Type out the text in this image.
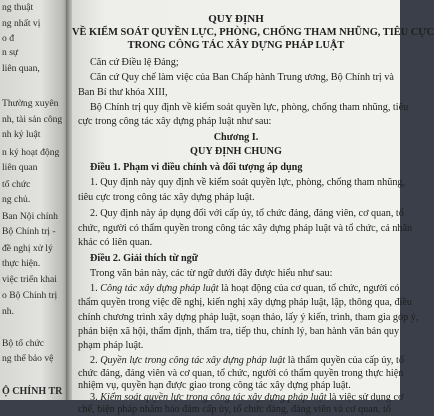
ng thuật
ng nhất vị
o đ
n sự
liên quan,
Thường xuyên
nh, tài sản công
nh kỷ luật
n ký hoạt động
liên quan
tố chức
ng chủ.
Ban Nội chính
Bộ Chính trị -
đề nghị xử lý
thực hiện.
việc triển khai
o Bộ Chính trị
nh.
Bộ tổ chức
ng thể bảo vệ
Ộ CHÍNH TR
QUY ĐỊNH
VỀ KIỂM SOÁT QUYỀN LỰC, PHÒNG, CHỐNG THAM NHŨNG, TIÊU CỰC
TRONG CÔNG TÁC XÂY DỰNG PHÁP LUẬT
Căn cứ Điều lệ Đảng;
Căn cứ Quy chế làm việc của Ban Chấp hành Trung ương, Bộ Chính trị và
Ban Bí thư khóa XIII,
Bộ Chính trị quy định về kiểm soát quyền lực, phòng, chống tham nhũng, tiêu
cực trong công tác xây dựng pháp luật như sau:
Chương I.
QUY ĐỊNH CHUNG
Điều 1. Phạm vi điều chỉnh và đối tượng áp dụng
1. Quy định này quy định về kiểm soát quyền lực, phòng, chống tham nhũng,
tiêu cực trong công tác xây dựng pháp luật.
2. Quy định này áp dụng đối với cấp ủy, tổ chức đảng, đảng viên, cơ quan, tổ
chức, người có thẩm quyền trong công tác xây dựng pháp luật và tổ chức, cá nhân
khác có liên quan.
Điều 2. Giải thích từ ngữ
Trong văn bản này, các từ ngữ dưới đây được hiểu như sau:
1. Công tác xây dựng pháp luật là hoạt động của cơ quan, tổ chức, người có
thẩm quyền trong việc đề nghị, kiến nghị xây dựng pháp luật, lập, thông qua, điều
chỉnh chương trình xây dựng pháp luật, soạn thảo, lấy ý kiến, trình, tham gia góp ý,
phản biện xã hội, thẩm định, thẩm tra, tiếp thu, chỉnh lý, ban hành văn bản quy
phạm pháp luật.
2. Quyền lực trong công tác xây dựng pháp luật là thẩm quyền của cấp ủy, tổ
chức đảng, đảng viên và cơ quan, tổ chức, người có thẩm quyền trong thực hiện
nhiệm vụ, quyền hạn được giao trong công tác xây dựng pháp luật.
3. Kiểm soát quyền lực trong công tác xây dựng pháp luật là việc sử dụng cơ
chế, biện pháp nhằm bảo đảm cấp ủy, tổ chức đảng, đảng viên và cơ quan, tổ
